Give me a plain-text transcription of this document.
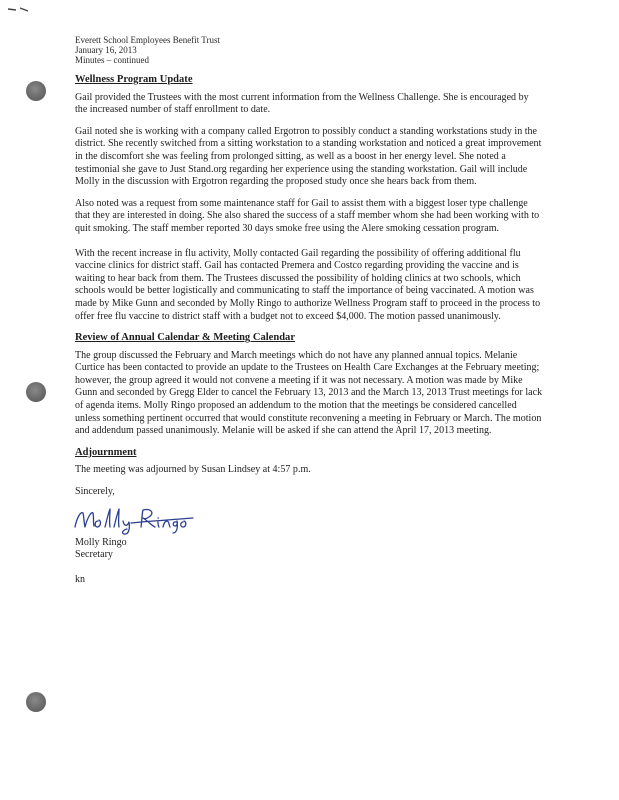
Everett School Employees Benefit Trust
January 16, 2013
Minutes – continued
Wellness Program Update

Gail provided the Trustees with the most current information from the Wellness Challenge. She is encouraged by the increased number of staff enrollment to date.

Gail noted she is working with a company called Ergotron to possibly conduct a standing workstations study in the district. She recently switched from a sitting workstation to a standing workstation and noticed a great improvement in the discomfort she was feeling from prolonged sitting, as well as a boost in her energy level. She noted a testimonial she gave to Just Stand.org regarding her experience using the standing workstation. Gail will include Molly in the discussion with Ergotron regarding the proposed study once she hears back from them.

Also noted was a request from some maintenance staff for Gail to assist them with a biggest loser type challenge that they are interested in doing. She also shared the success of a staff member whom she had been working with to quit smoking. The staff member reported 30 days smoke free using the Alere smoking cessation program.

With the recent increase in flu activity, Molly contacted Gail regarding the possibility of offering additional flu vaccine clinics for district staff. Gail has contacted Premera and Costco regarding providing the vaccine and is waiting to hear back from them. The Trustees discussed the possibility of holding clinics at two schools, which schools would be better logistically and communicating to staff the importance of being vaccinated. A motion was made by Mike Gunn and seconded by Molly Ringo to authorize Wellness Program staff to proceed in the process to offer free flu vaccine to district staff with a budget not to exceed $4,000. The motion passed unanimously.

Review of Annual Calendar & Meeting Calendar

The group discussed the February and March meetings which do not have any planned annual topics. Melanie Curtice has been contacted to provide an update to the Trustees on Health Care Exchanges at the February meeting; however, the group agreed it would not convene a meeting if it was not necessary. A motion was made by Mike Gunn and seconded by Gregg Elder to cancel the February 13, 2013 and the March 13, 2013 Trust meetings for lack of agenda items. Molly Ringo proposed an addendum to the motion that the meetings be considered cancelled unless something pertinent occurred that would constitute reconvening a meeting in February or March. The motion and addendum passed unanimously. Melanie will be asked if she can attend the April 17, 2013 meeting.

Adjournment

The meeting was adjourned by Susan Lindsey at 4:57 p.m.

Sincerely,
Molly Ringo
Secretary
kn
